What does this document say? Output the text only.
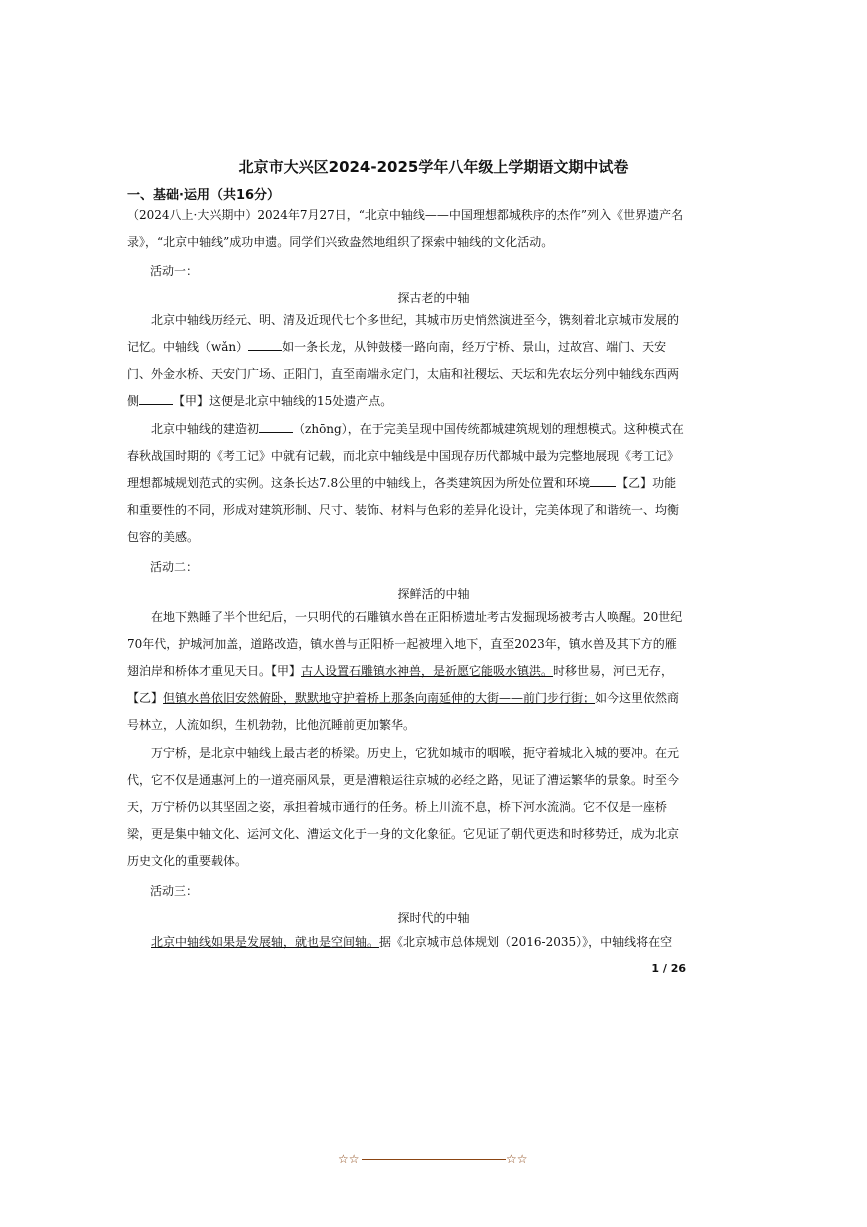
北京市大兴区2024-2025学年八年级上学期语文期中试卷
一、基础·运用（共16分）

（2024八上·大兴期中）2024年7月27日，“北京中轴线——中国理想都城秩序的杰作”列入《世界遗产名录》，“北京中轴线”成功申遗。同学们兴致盎然地组织了探索中轴线的文化活动。

活动一：
探古老的中轴

北京中轴线历经元、明、清及近现代七个多世纪，其城市历史悄然演进至今，镌刻着北京城市发展的记忆。中轴线（wǎn）	如一条长龙，从钟鼓楼一路向南，经万宁桥、景山，过故宫、端门、天安门、外金水桥、天安门广场、正阳门，直至南端永定门，太庙和社稷坛、天坛和先农坛分列中轴线东西两侧	【甲】这便是北京中轴线的15处遗产点。

北京中轴线的建造初	（zhōng），在于完美呈现中国传统都城建筑规划的理想模式。这种模式在春秋战国时期的《考工记》中就有记载，而北京中轴线是中国现存历代都城中最为完整地展现《考工记》理想都城规划范式的实例。这条长达7.8公里的中轴线上，各类建筑因为所处位置和环境 【乙】功能和重要性的不同，形成对建筑形制、尺寸、装饰、材料与色彩的差异化设计，完美体现了和谐统一、均衡包容的美感。

活动二：
探鲜活的中轴

在地下熟睡了半个世纪后，一只明代的石雕镇水兽在正阳桥遗址考古发掘现场被考古人唤醒。20世纪70年代，护城河加盖，道路改造，镇水兽与正阳桥一起被埋入地下，直至2023年，镇水兽及其下方的雁翅泊岸和桥体才重见天日。【甲】古人设置石雕镇水神兽，是祈愿它能吸水镇洪。时移世易，河已无存，【乙】但镇水兽依旧安然俯卧，默默地守护着桥上那条向南延伸的大街——前门步行街；如今这里依然商号林立，人流如织，生机勃勃，比他沉睡前更加繁华。

万宁桥，是北京中轴线上最古老的桥梁。历史上，它犹如城市的咽喉，扼守着城北入城的要冲。在元代，它不仅是通惠河上的一道亮丽风景，更是漕粮运往京城的必经之路，见证了漕运繁华的景象。时至今天，万宁桥仍以其坚固之姿，承担着城市通行的任务。桥上川流不息，桥下河水流淌。它不仅是一座桥梁，更是集中轴文化、运河文化、漕运文化于一身的文化象征。它见证了朝代更迭和时移势迁，成为北京历史文化的重要载体。

活动三：
探时代的中轴

北京中轴线如果是发展轴，就也是空间轴。据《北京城市总体规划（2016-2035）》，中轴线将在空

1 / 26
☆☆	☆☆
